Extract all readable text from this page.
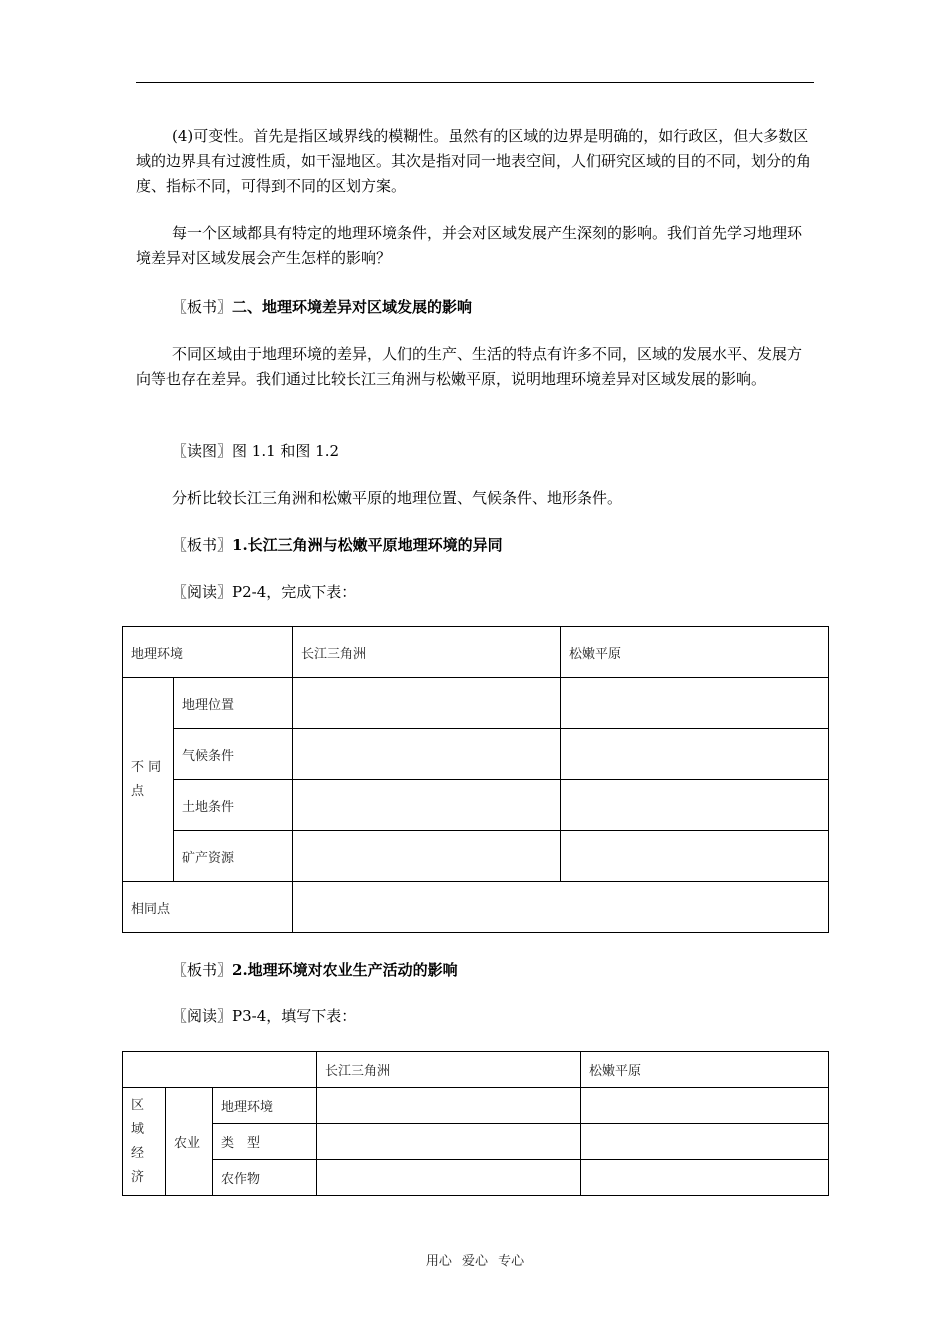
(4)可变性。首先是指区域界线的模糊性。虽然有的区域的边界是明确的，如行政区，但大多数区域的边界具有过渡性质，如干湿地区。其次是指对同一地表空间，人们研究区域的目的不同，划分的角度、指标不同，可得到不同的区划方案。

每一个区域都具有特定的地理环境条件，并会对区域发展产生深刻的影响。我们首先学习地理环境差异对区域发展会产生怎样的影响？

〖板书〗二、地理环境差异对区域发展的影响

不同区域由于地理环境的差异，人们的生产、生活的特点有许多不同，区域的发展水平、发展方向等也存在差异。我们通过比较长江三角洲与松嫩平原，说明地理环境差异对区域发展的影响。

〖读图〗图 1.1 和图 1.2
分析比较长江三角洲和松嫩平原的地理位置、气候条件、地形条件。
〖板书〗1.长江三角洲与松嫩平原地理环境的异同
〖阅读〗P2-4，完成下表：
地理环境		长江三角洲	松嫩平原
不 同 点	地理位置		
	气候条件		
	土地条件		
	矿产资源		
相同点			
〖板书〗2.地理环境对农业生产活动的影响
〖阅读〗P3-4，填写下表：
			长江三角洲	松嫩平原

区
域
经
济	农业	地理环境		
		类　型		
		农作物		
用心 爱心 专心
